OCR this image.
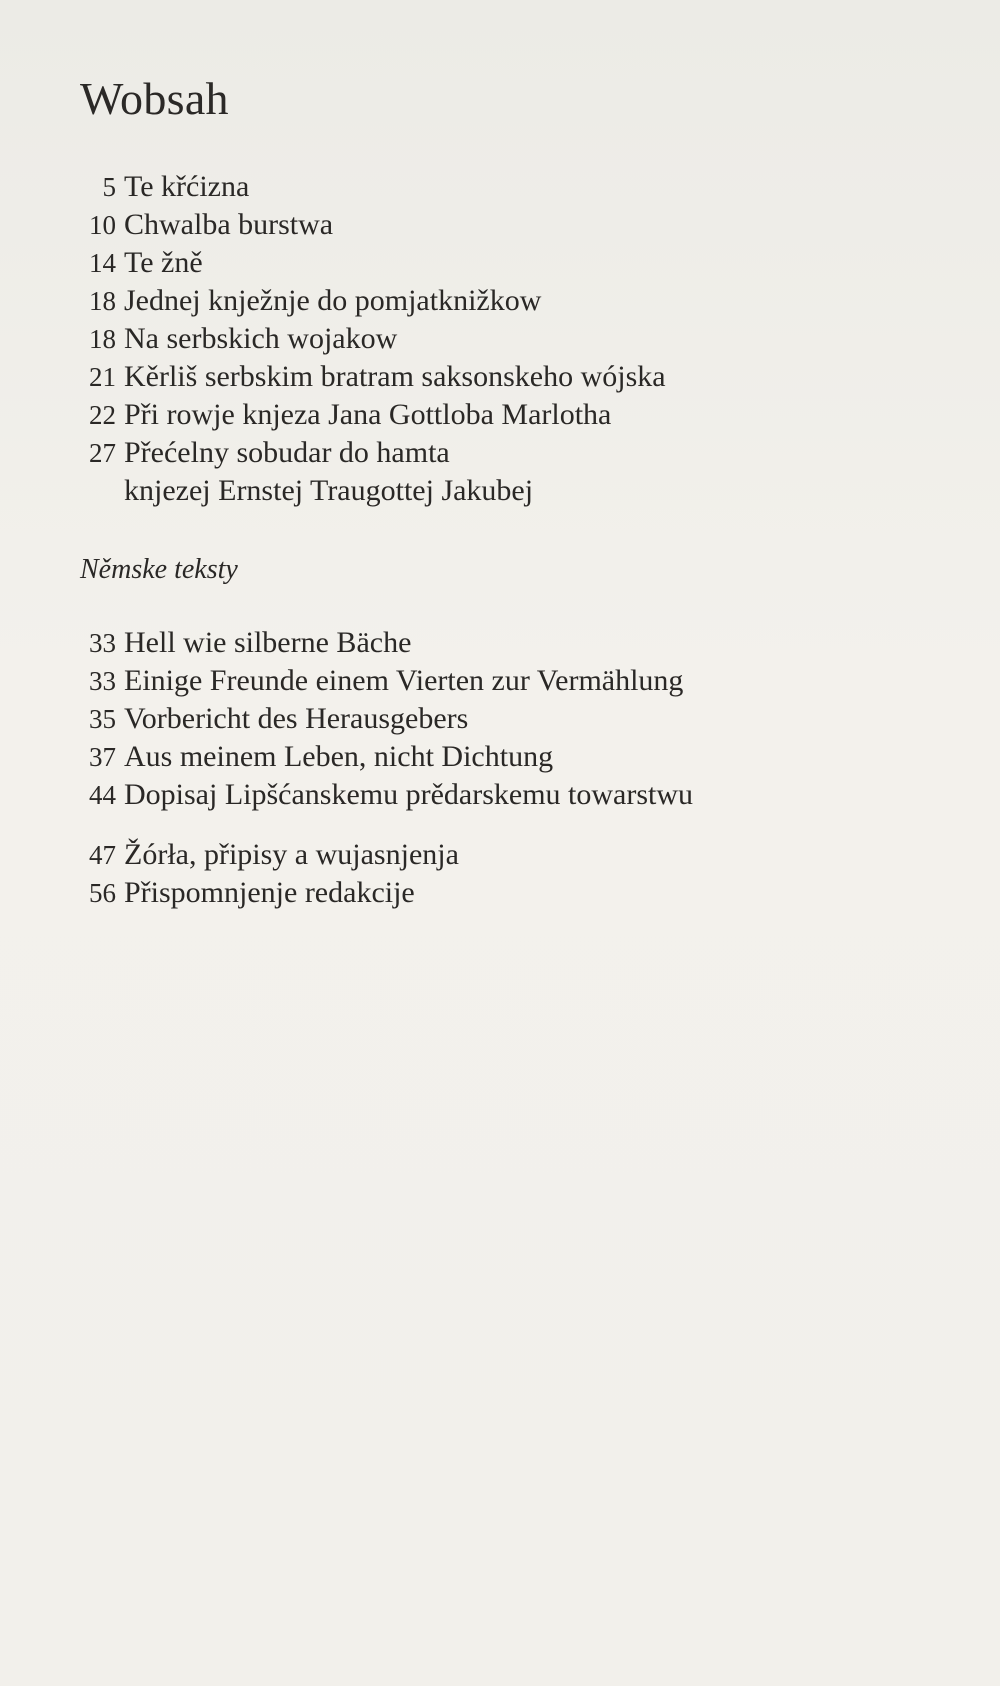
Wobsah
5 Te křćizna
10 Chwalba burstwa
14 Te žně
18 Jednej knježnje do pomjatknižkow
18 Na serbskich wojakow
21 Kěrliš serbskim bratram saksonskeho wójska
22 Při rowje knjeza Jana Gottloba Marlotha
27 Přećelny sobudar do hamta
knjezej Ernstej Traugottej Jakubej
Němske teksty
33 Hell wie silberne Bäche
33 Einige Freunde einem Vierten zur Vermählung
35 Vorbericht des Herausgebers
37 Aus meinem Leben, nicht Dichtung
44 Dopisaj Lipšćanskemu prědarskemu towarstwu
47 Žórła, připisy a wujasnjenja
56 Přispomnjenje redakcije
